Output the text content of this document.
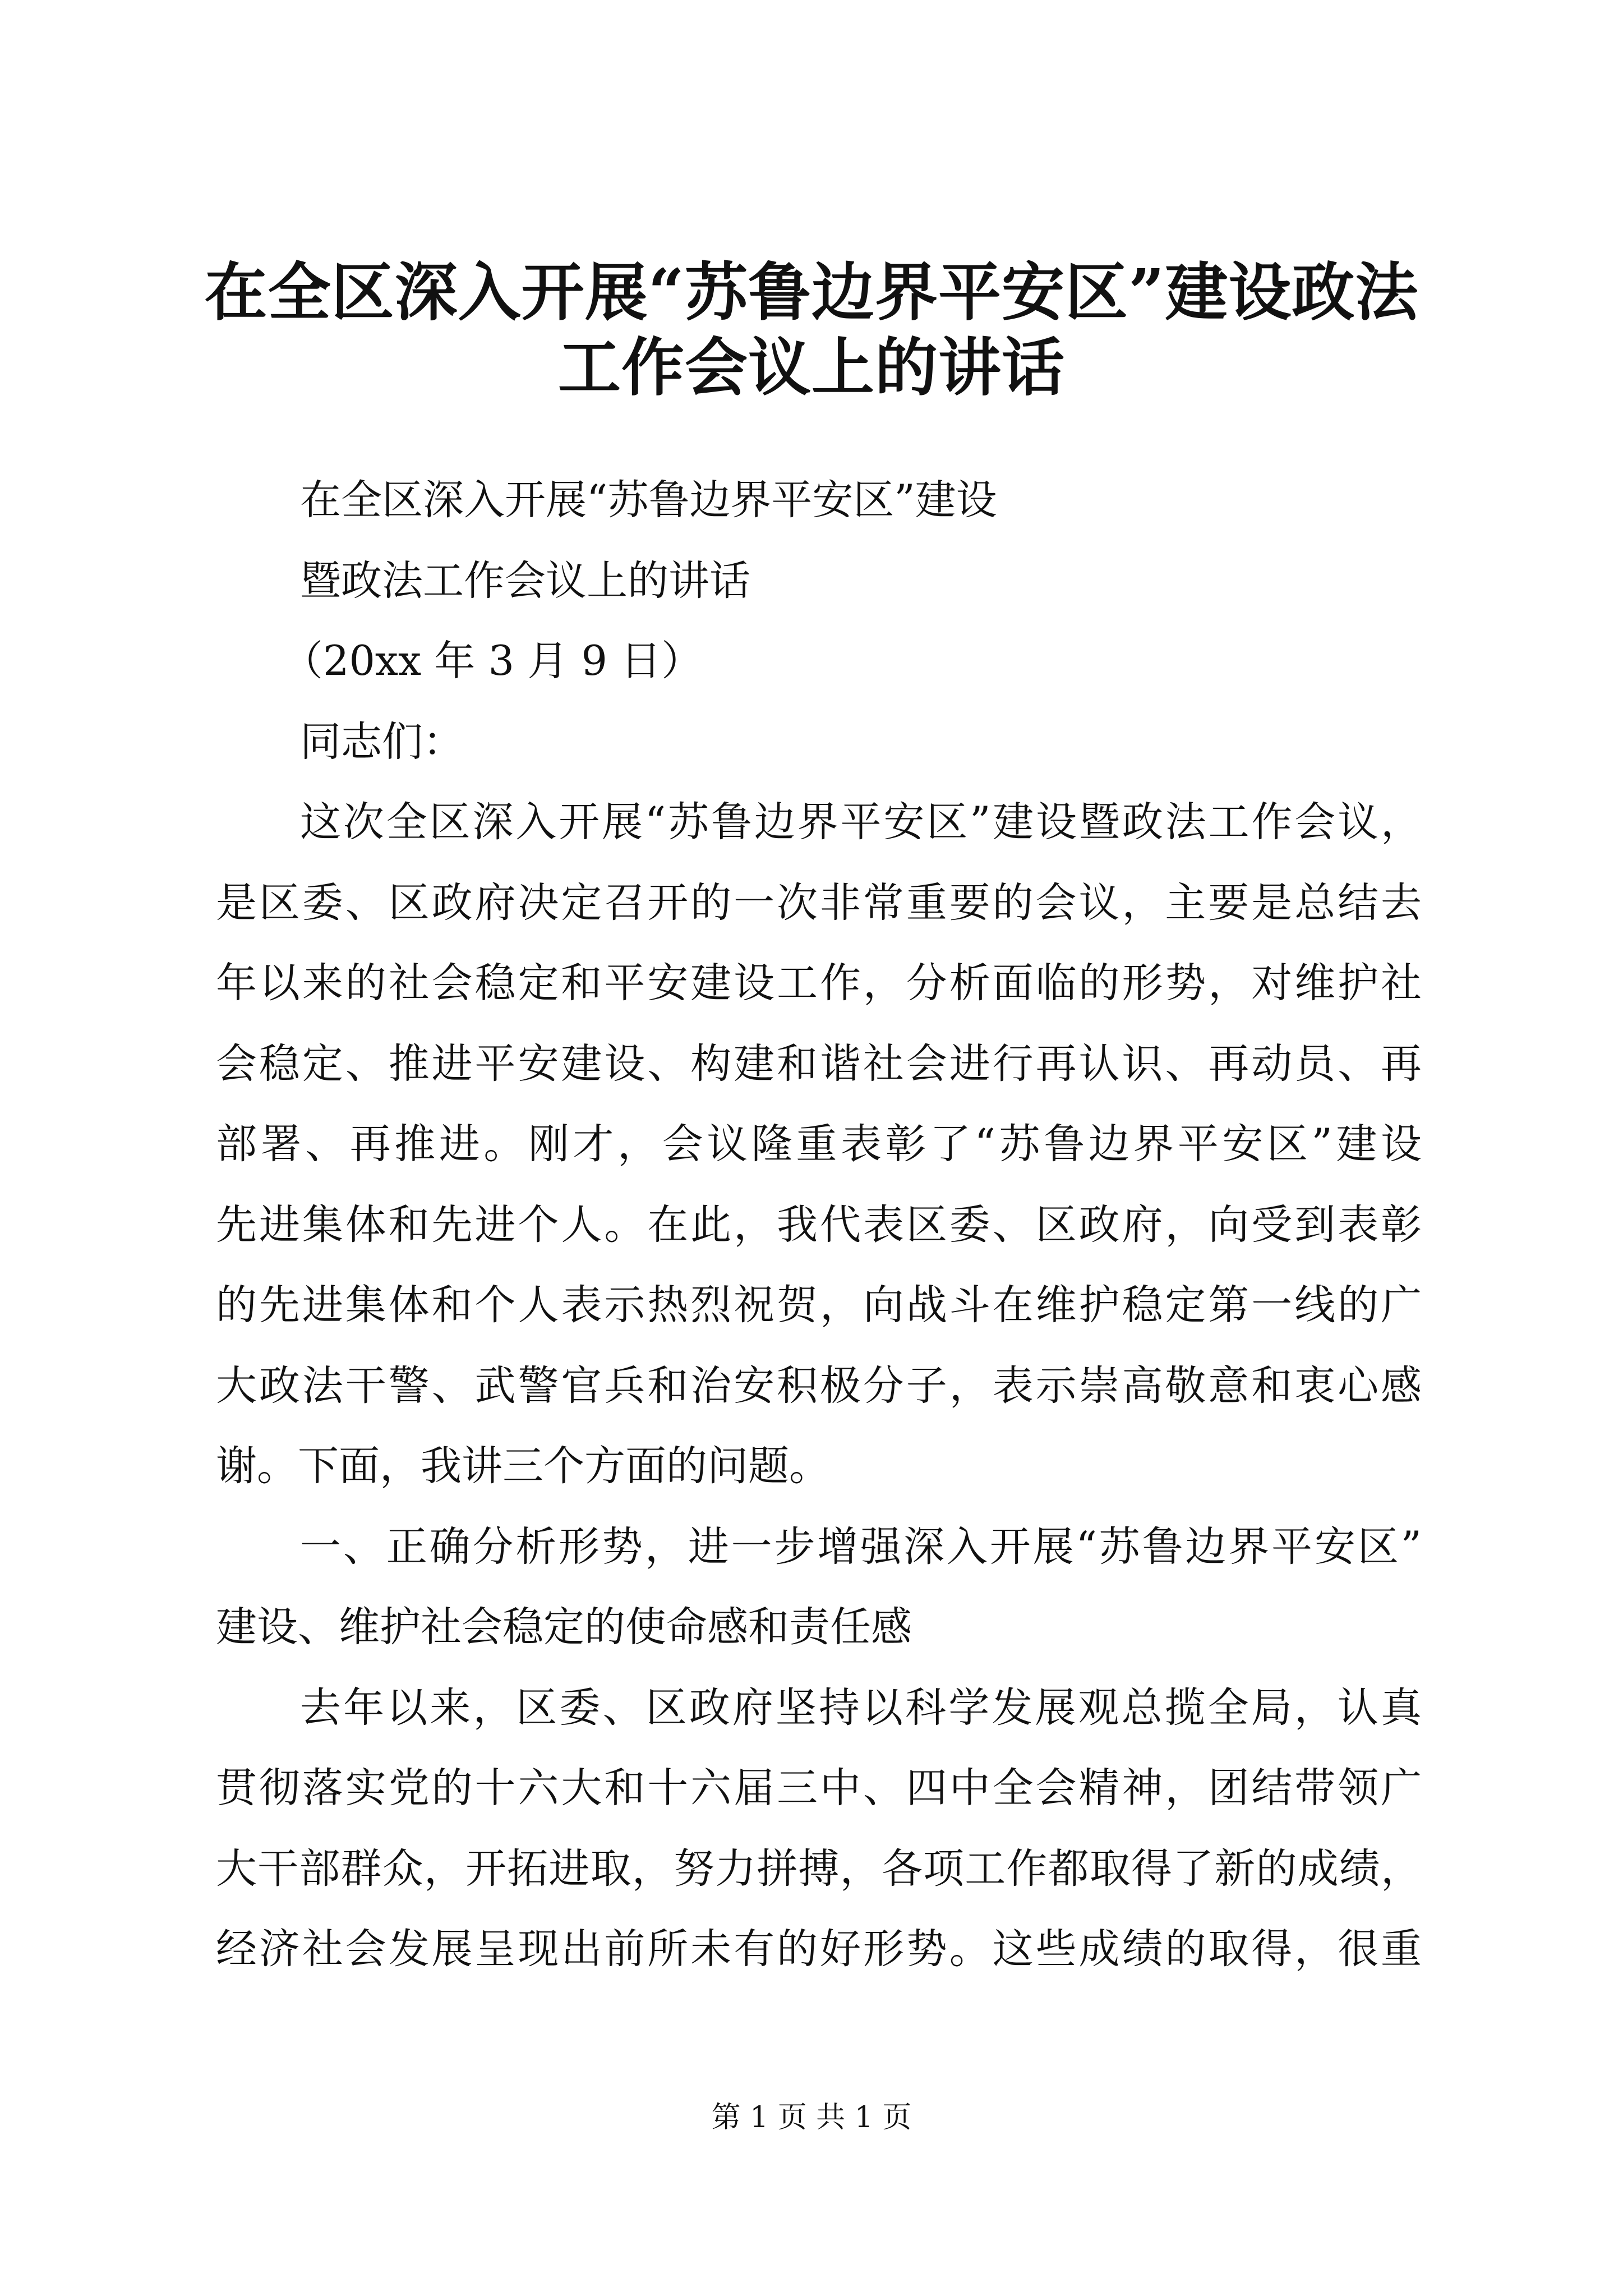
在全区深入开展“苏鲁边界平安区”建设政法
工作会议上的讲话
在全区深入开展“苏鲁边界平安区”建设
暨政法工作会议上的讲话
（20xx 年 3 月 9 日）
同志们：
这次全区深入开展“苏鲁边界平安区”建设暨政法工作会议，
是区委、区政府决定召开的一次非常重要的会议，主要是总结去
年以来的社会稳定和平安建设工作，分析面临的形势，对维护社
会稳定、推进平安建设、构建和谐社会进行再认识、再动员、再
部署、再推进。刚才，会议隆重表彰了“苏鲁边界平安区”建设
先进集体和先进个人。在此，我代表区委、区政府，向受到表彰
的先进集体和个人表示热烈祝贺，向战斗在维护稳定第一线的广
大政法干警、武警官兵和治安积极分子，表示崇高敬意和衷心感
谢。下面，我讲三个方面的问题。
一、正确分析形势，进一步增强深入开展“苏鲁边界平安区”
建设、维护社会稳定的使命感和责任感
去年以来，区委、区政府坚持以科学发展观总揽全局，认真
贯彻落实党的十六大和十六届三中、四中全会精神，团结带领广
大干部群众，开拓进取，努力拼搏，各项工作都取得了新的成绩，
经济社会发展呈现出前所未有的好形势。这些成绩的取得，很重
第 1 页 共 1 页
